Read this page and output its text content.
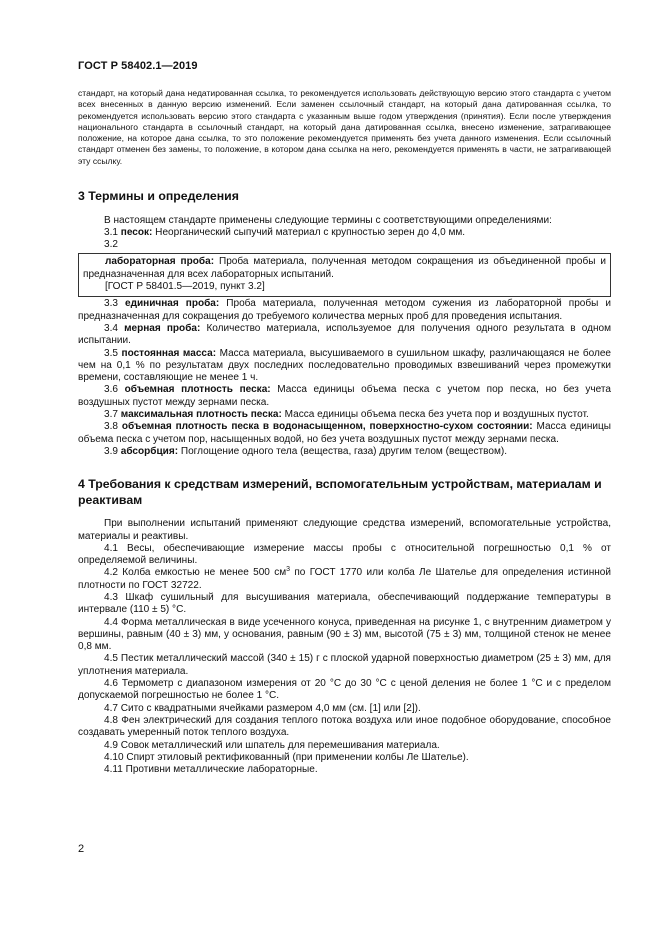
ГОСТ Р 58402.1—2019

стандарт, на который дана недатированная ссылка, то рекомендуется использовать действующую версию этого стандарта с учетом всех внесенных в данную версию изменений. Если заменен ссылочный стандарт, на который дана датированная ссылка, то рекомендуется использовать версию этого стандарта с указанным выше годом утверждения (принятия). Если после утверждения национального стандарта в ссылочный стандарт, на который дана датированная ссылка, внесено изменение, затрагивающее положение, на которое дана ссылка, то это положение рекомендуется применять без учета данного изменения. Если ссылочный стандарт отменен без замены, то положение, в котором дана ссылка на него, рекомендуется применять в части, не затрагивающей эту ссылку.

3 Термины и определения

В настоящем стандарте применены следующие термины с соответствующими определениями:

3.1 песок: Неорганический сыпучий материал с крупностью зерен до 4,0 мм.

3.2

лабораторная проба: Проба материала, полученная методом сокращения из объединенной пробы и предназначенная для всех лабораторных испытаний.

[ГОСТ Р 58401.5—2019, пункт 3.2]

3.3 единичная проба: Проба материала, полученная методом сужения из лабораторной пробы и предназначенная для сокращения до требуемого количества мерных проб для проведения испытания.

3.4 мерная проба: Количество материала, используемое для получения одного результата в одном испытании.

3.5 постоянная масса: Масса материала, высушиваемого в сушильном шкафу, различающаяся не более чем на 0,1 % по результатам двух последних последовательно проводимых взвешиваний через промежутки времени, составляющие не менее 1 ч.

3.6 объемная плотность песка: Масса единицы объема песка с учетом пор песка, но без учета воздушных пустот между зернами песка.

3.7 максимальная плотность песка: Масса единицы объема песка без учета пор и воздушных пустот.

3.8 объемная плотность песка в водонасыщенном, поверхностно-сухом состоянии: Масса единицы объема песка с учетом пор, насыщенных водой, но без учета воздушных пустот между зернами песка.

3.9 абсорбция: Поглощение одного тела (вещества, газа) другим телом (веществом).

4 Требования к средствам измерений, вспомогательным устройствам, материалам и реактивам

При выполнении испытаний применяют следующие средства измерений, вспомогательные устройства, материалы и реактивы.

4.1 Весы, обеспечивающие измерение массы пробы с относительной погрешностью 0,1 % от определяемой величины.

4.2 Колба емкостью не менее 500 $см^3$ по ГОСТ 1770 или колба Ле Шателье для определения истинной плотности по ГОСТ 32722.

4.3 Шкаф сушильный для высушивания материала, обеспечивающий поддержание температуры в интервале (110 ± 5) °С.

4.4 Форма металлическая в виде усеченного конуса, приведенная на рисунке 1, с внутренним диаметром у вершины, равным (40 ± 3) мм, у основания, равным (90 ± 3) мм, высотой (75 ± 3) мм, толщиной стенок не менее 0,8 мм.

4.5 Пестик металлический массой (340 ± 15) г с плоской ударной поверхностью диаметром (25 ± 3) мм, для уплотнения материала.

4.6 Термометр с диапазоном измерения от 20 °С до 30 °С с ценой деления не более 1 °С и с пределом допускаемой погрешностью не более 1 °С.

4.7 Сито с квадратными ячейками размером 4,0 мм (см. [1] или [2]).

4.8 Фен электрический для создания теплого потока воздуха или иное подобное оборудование, способное создавать умеренный поток теплого воздуха.

4.9 Совок металлический или шпатель для перемешивания материала.

4.10 Спирт этиловый ректификованный (при применении колбы Ле Шателье).

4.11 Противни металлические лабораторные.

2
